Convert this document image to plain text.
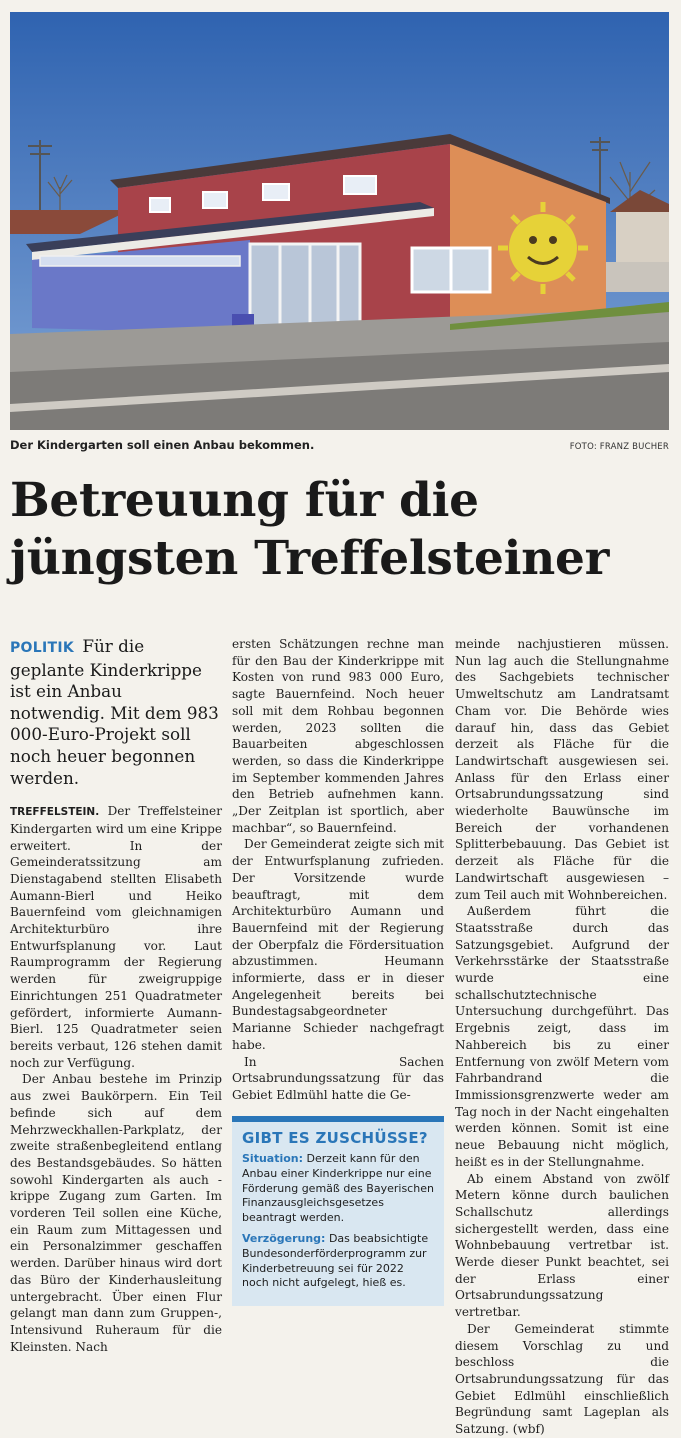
Der Kindergarten soll einen Anbau bekommen.	FOTO: FRANZ BUCHER
Betreuung für die
jüngsten Treffelsteiner

POLITIK Für die geplante Kinderkrippe ist ein Anbau notwendig. Mit dem 983 000-Euro-Projekt soll noch heuer begonnen werden.

TREFFELSTEIN. Der Treffelsteiner Kindergarten wird um eine Krippe erweitert. In der Gemeinderatssitzung am Dienstagabend stellten Elisabeth Aumann-Bierl und Heiko Bauernfeind vom gleichnamigen Architekturbüro ihre Entwurfsplanung vor. Laut Raumprogramm der Regierung werden für zweigruppige Einrichtungen 251 Quadratmeter gefördert, informierte Aumann-Bierl. 125 Quadratmeter seien bereits verbaut, 126 stehen damit noch zur Verfügung.

Der Anbau bestehe im Prinzip aus zwei Baukörpern. Ein Teil befinde sich auf dem Mehrzweckhallen-Parkplatz, der zweite straßenbegleitend entlang des Bestandsgebäudes. So hätten sowohl Kindergarten als auch -krippe Zugang zum Garten. Im vorderen Teil sollen eine Küche, ein Raum zum Mittagessen und ein Personalzimmer geschaffen werden. Darüber hinaus wird dort das Büro der Kinderhausleitung untergebracht. Über einen Flur gelangt man dann zum Gruppen-, Intensivund Ruheraum für die Kleinsten. Nach

ersten Schätzungen rechne man für den Bau der Kinderkrippe mit Kosten von rund 983 000 Euro, sagte Bauernfeind. Noch heuer soll mit dem Rohbau begonnen werden, 2023 sollten die Bauarbeiten abgeschlossen werden, so dass die Kinderkrippe im September kommenden Jahres den Betrieb aufnehmen kann. „Der Zeitplan ist sportlich, aber machbar“, so Bauernfeind.

Der Gemeinderat zeigte sich mit der Entwurfsplanung zufrieden. Der Vorsitzende wurde beauftragt, mit dem Architekturbüro Aumann und Bauernfeind mit der Regierung der Oberpfalz die Fördersituation abzustimmen. Heumann informierte, dass er in dieser Angelegenheit bereits bei Bundestagsabgeordneter Marianne Schieder nachgefragt habe.

In Sachen Ortsabrundungssatzung für das Gebiet Edlmühl hatte die Ge-

GIBT ES ZUSCHÜSSE?

Situation: Derzeit kann für den Anbau einer Kinderkrippe nur eine Förderung gemäß des Bayerischen Finanzausgleichsgesetzes beantragt werden.

Verzögerung: Das beabsichtigte Bundesonderförderprogramm zur Kinderbetreuung sei für 2022 noch nicht aufgelegt, hieß es.

meinde nachjustieren müssen. Nun lag auch die Stellungnahme des Sachgebiets technischer Umweltschutz am Landratsamt Cham vor. Die Behörde wies darauf hin, dass das Gebiet derzeit als Fläche für die Landwirtschaft ausgewiesen sei. Anlass für den Erlass einer Ortsabrundungssatzung sind wiederholte Bauwünsche im Bereich der vorhandenen Splitterbebauung. Das Gebiet ist derzeit als Fläche für die Landwirtschaft ausgewiesen – zum Teil auch mit Wohnbereichen.

Außerdem führt die Staatsstraße durch das Satzungsgebiet. Aufgrund der Verkehrsstärke der Staatsstraße wurde eine schallschutztechnische Untersuchung durchgeführt. Das Ergebnis zeigt, dass im Nahbereich bis zu einer Entfernung von zwölf Metern vom Fahrbandrand die Immissionsgrenzwerte weder am Tag noch in der Nacht eingehalten werden können. Somit ist eine neue Bebauung nicht möglich, heißt es in der Stellungnahme.

Ab einem Abstand von zwölf Metern könne durch baulichen Schallschutz allerdings sichergestellt werden, dass eine Wohnbebauung vertretbar ist. Werde dieser Punkt beachtet, sei der Erlass einer Ortsabrundungssatzung vertretbar.

Der Gemeinderat stimmte diesem Vorschlag zu und beschloss die Ortsabrundungssatzung für das Gebiet Edlmühl einschließlich Begründung samt Lageplan als Satzung. (wbf)
